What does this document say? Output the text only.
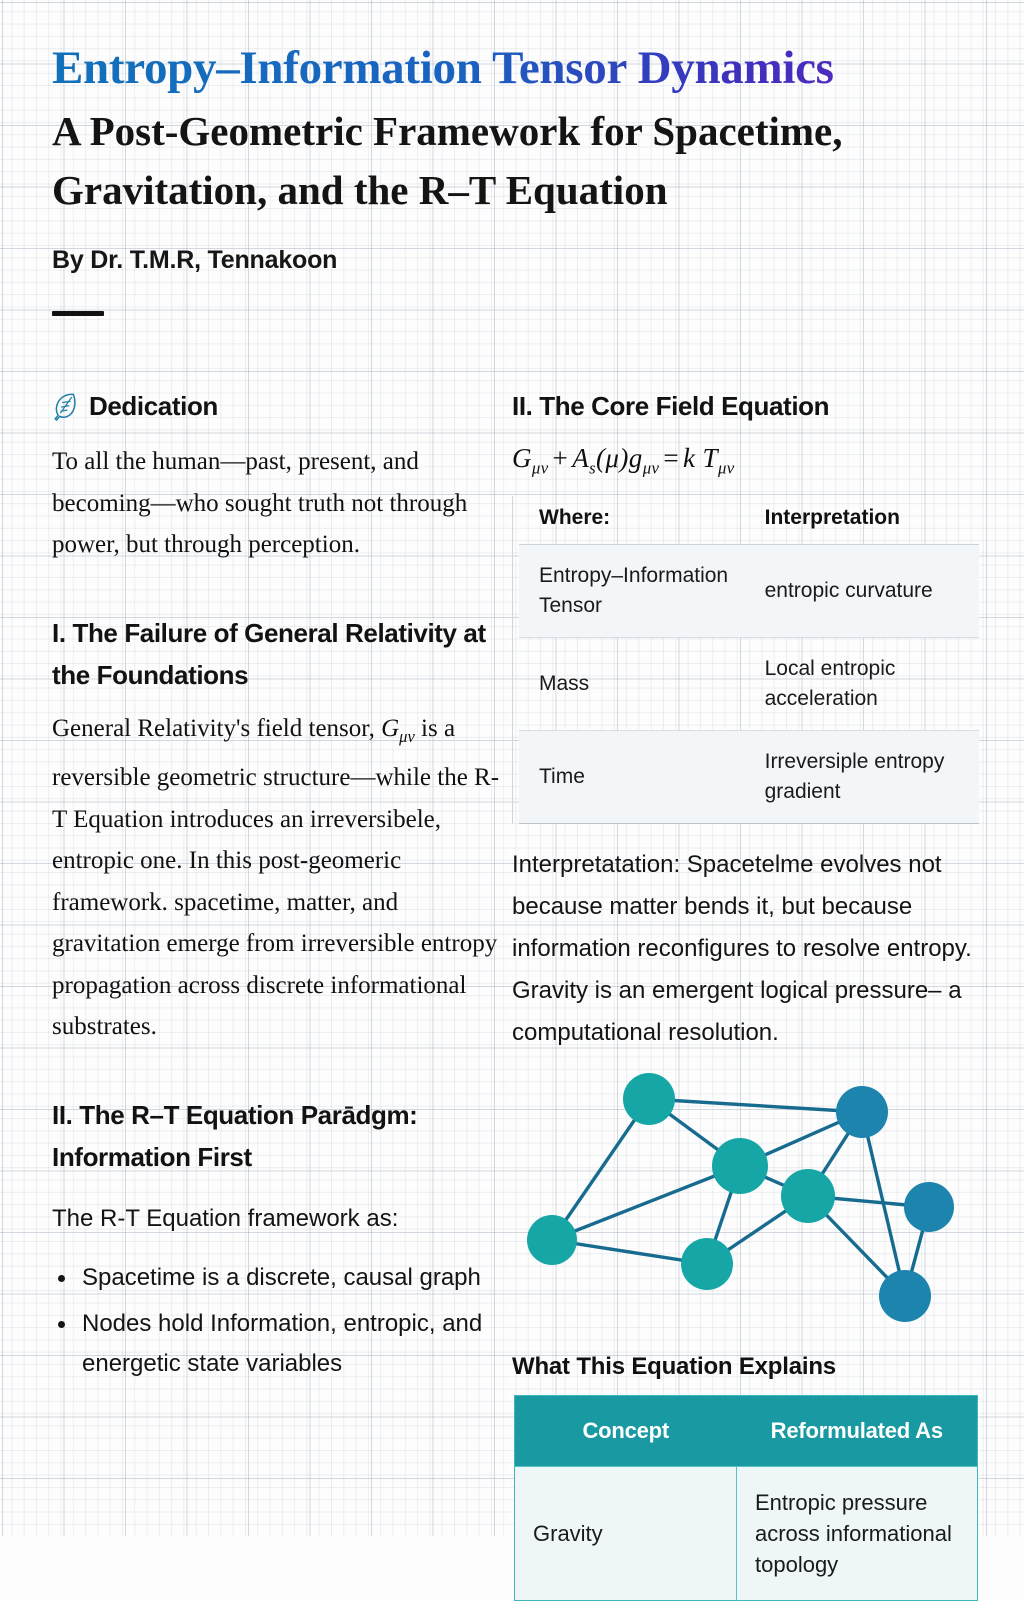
Entropy–Information Tensor Dynamics
A Post-Geometric Framework for Spacetime, Gravitation, and the R–T Equation
By Dr. T.M.R, Tennakoon
Dedication

To all the human—past, present, and becoming—who sought truth not through power, but through perception.

I. The Failure of General Relativity at the Foundations

General Relativity's field tensor, $G_{\mu\nu}$ is a reversible geometric structure—while the R-T Equation introduces an irreversibele, entropic one. In this post-geomeric framework. spacetime, matter, and gravitation emerge from irreversible entropy propagation across discrete informational substrates.

II. The R–T Equation Parādgm: Information First

The R-T Equation framework as:

Spacetime is a discrete, causal graph
Nodes hold Information, entropic, and energetic state variables
II. The Core Field Equation
$G_{\mu\nu} + A_s(\mu)g_{\mu\nu} = k$ $T_{\mu\nu}$
Where:	Interpretation
Entropy–Information Tensor	entropic curvature
Mass	Local entropic acceleration
Time	Irreversiple entropy gradient

Interpretatation: Spacetelme evolves not because matter bends it, but because information reconfigures to resolve entropy. Gravity is an emergent logical pressure– a computational resolution.

What This Equation Explains
Concept	Reformulated As
Gravity	Entropic pressure across informational topology
